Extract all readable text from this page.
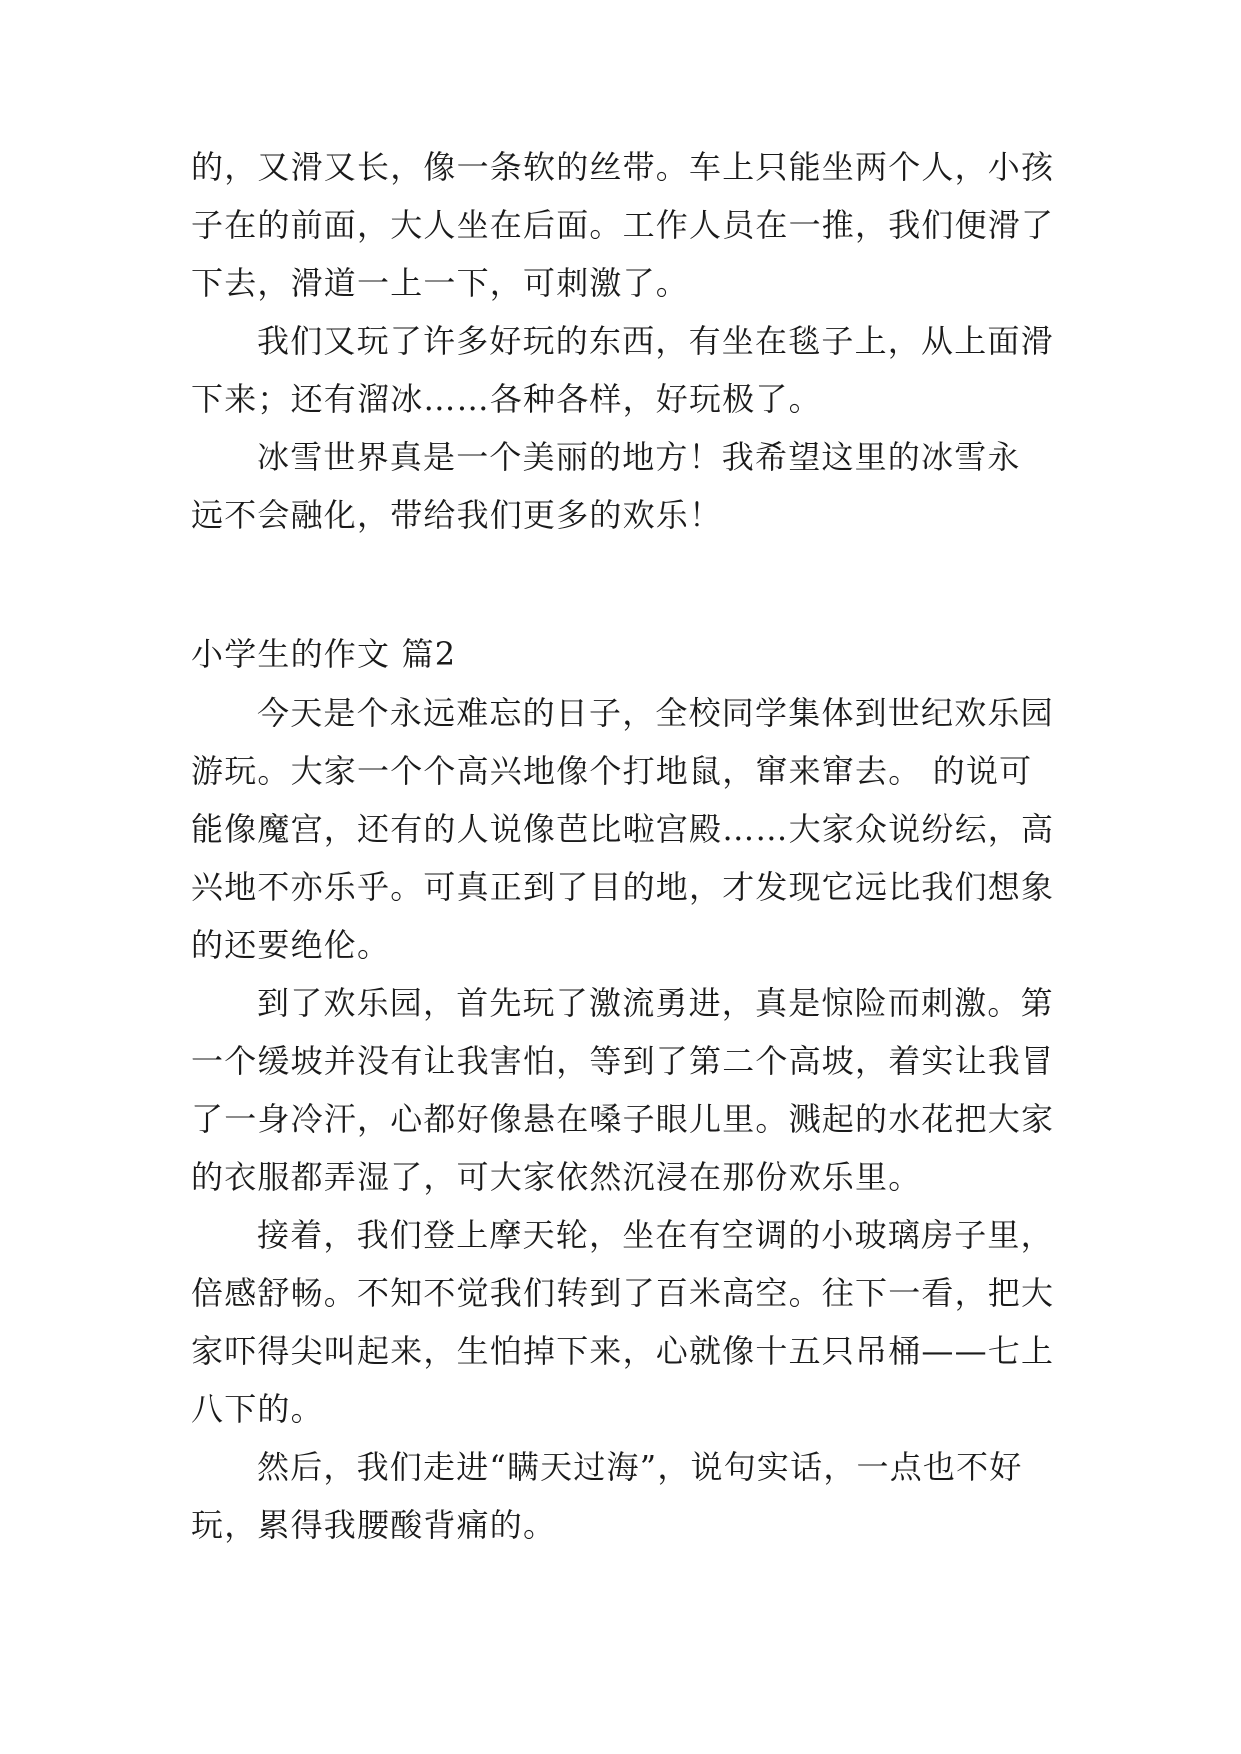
的，又滑又长，像一条软的丝带。车上只能坐两个人，小孩
子在的前面，大人坐在后面。工作人员在一推，我们便滑了
下去，滑道一上一下，可刺激了。
我们又玩了许多好玩的东西，有坐在毯子上，从上面滑
下来；还有溜冰……各种各样，好玩极了。
冰雪世界真是一个美丽的地方！我希望这里的冰雪永
远不会融化，带给我们更多的欢乐！
小学生的作文 篇2
今天是个永远难忘的日子，全校同学集体到世纪欢乐园
游玩。大家一个个高兴地像个打地鼠，窜来窜去。 的说可
能像魔宫，还有的人说像芭比啦宫殿……大家众说纷纭，高
兴地不亦乐乎。可真正到了目的地，才发现它远比我们想象
的还要绝伦。
到了欢乐园，首先玩了激流勇进，真是惊险而刺激。第
一个缓坡并没有让我害怕，等到了第二个高坡，着实让我冒
了一身冷汗，心都好像悬在嗓子眼儿里。溅起的水花把大家
的衣服都弄湿了，可大家依然沉浸在那份欢乐里。
接着，我们登上摩天轮，坐在有空调的小玻璃房子里，
倍感舒畅。不知不觉我们转到了百米高空。往下一看，把大
家吓得尖叫起来，生怕掉下来，心就像十五只吊桶——七上
八下的。
然后，我们走进“瞒天过海”，说句实话，一点也不好
玩，累得我腰酸背痛的。
